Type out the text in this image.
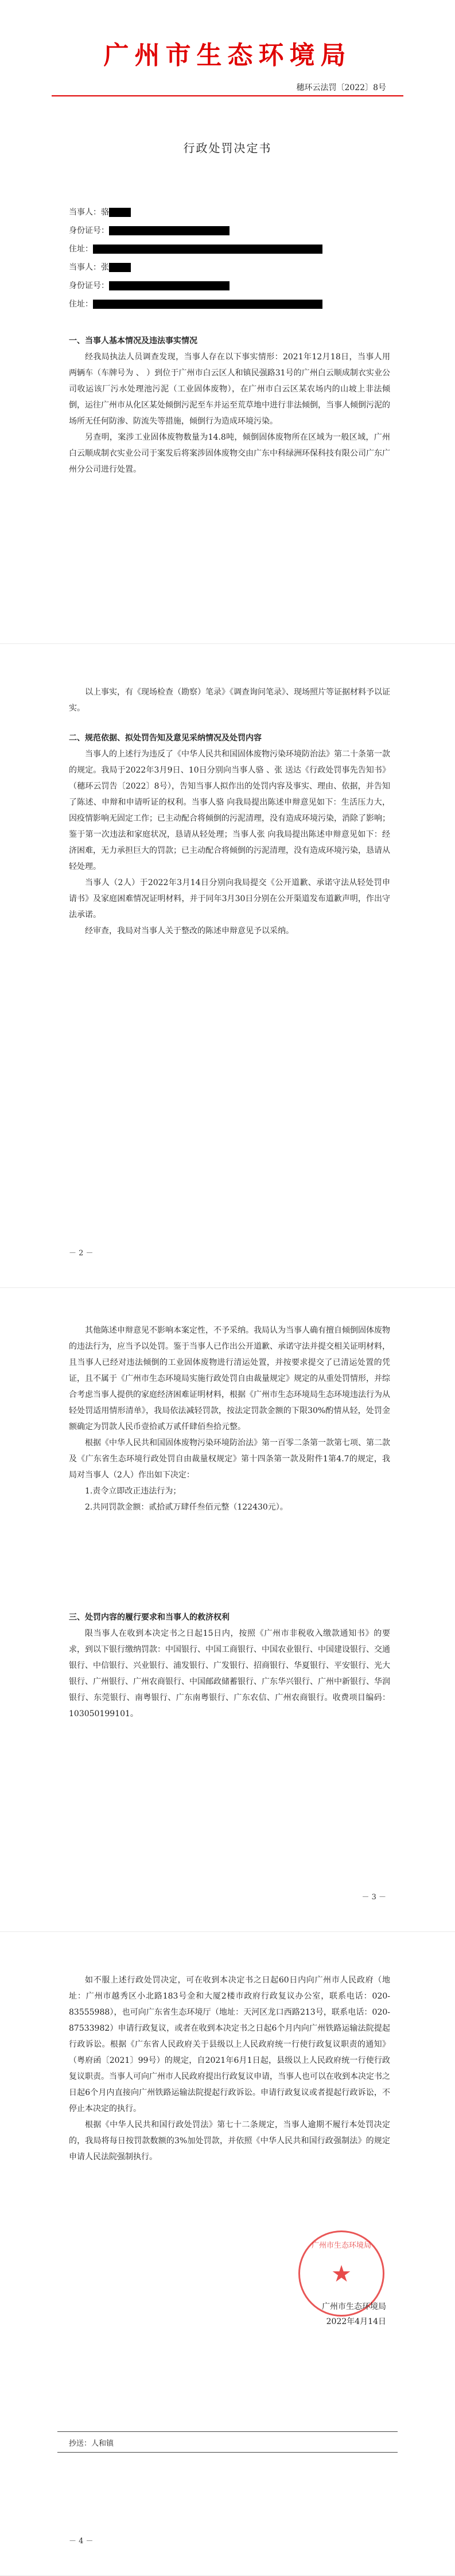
广州市生态环境局
穗环云法罚〔2022〕8号
行政处罚决定书
当事人：骆
身份证号：
住址：
当事人：张
身份证号：
住址：
一、当事人基本情况及违法事实情况

经我局执法人员调查发现，当事人存在以下事实情形：2021年12月18日，当事人用两辆车（车牌号为 、 ）到位于广州市白云区人和镇民强路31号的广州白云顺成制衣实业公司收运该厂污水处理池污泥（工业固体废物），在广州市白云区某农场内的山坡上非法倾倒，运往广州市从化区某处倾倒污泥至车并运至荒草地中进行非法倾倒，当事人倾倒污泥的场所无任何防渗、防流失等措施，倾倒行为造成环境污染。

另查明，案涉工业固体废物数量为14.8吨，倾倒固体废物所在区域为一般区域，广州白云顺成制衣实业公司于案发后将案涉固体废物交由广东中科绿洲环保科技有限公司广东广州分公司进行处置。

以上事实，有《现场检查（勘察）笔录》《调查询问笔录》、现场照片等证据材料予以证实。

二、规范依据、拟处罚告知及意见采纳情况及处罚内容

当事人的上述行为违反了《中华人民共和国固体废物污染环境防治法》第二十条第一款的规定。我局于2022年3月9日、10日分别向当事人骆 、张 送达《行政处罚事先告知书》（穗环云罚告〔2022〕8号），告知当事人拟作出的处罚内容及事实、理由、依据，并告知了陈述、申辩和申请听证的权利。当事人骆 向我局提出陈述申辩意见如下：生活压力大，因疫情影响无固定工作；已主动配合将倾倒的污泥清理，没有造成环境污染，消除了影响；鉴于第一次违法和家庭状况，恳请从轻处理；当事人张 向我局提出陈述申辩意见如下：经济困难，无力承担巨大的罚款；已主动配合将倾倒的污泥清理，没有造成环境污染，恳请从轻处理。

当事人（2人）于2022年3月14日分别向我局提交《公开道歉、承诺守法从轻处罚申请书》及家庭困难情况证明材料，并于同年3月30日分别在公开渠道发布道歉声明，作出守法承诺。

经审查，我局对当事人关于整改的陈述申辩意见予以采纳。

－ 2 －

其他陈述申辩意见不影响本案定性，不予采纳。我局认为当事人确有擅自倾倒固体废物的违法行为，应当予以处罚。鉴于当事人已作出公开道歉、承诺守法并提交相关证明材料，且当事人已经对违法倾倒的工业固体废物进行清运处置，并按要求提交了已清运处置的凭证，且不属于《广州市生态环境局实施行政处罚自由裁量规定》规定的从重处罚情形，并综合考虑当事人提供的家庭经济困难证明材料，根据《广州市生态环境局生态环境违法行为从轻处罚适用情形清单》，我局依法减轻罚款，按法定罚款金额的下限30%酌情从轻，处罚金额确定为罚款人民币壹拾贰万贰仟肆佰叁拾元整。

根据《中华人民共和国固体废物污染环境防治法》第一百零二条第一款第七项、第二款及《广东省生态环境行政处罚自由裁量权规定》第十四条第一款及附件1第4.7的规定，我局对当事人（2人）作出如下决定：

1.责令立即改正违法行为；

2.共同罚款金额：贰拾贰万肆仟叁佰元整（122430元）。

三、处罚内容的履行要求和当事人的救济权利

限当事人在收到本决定书之日起15日内，按照《广州市非税收入缴款通知书》的要求，到以下银行缴纳罚款：中国银行、中国工商银行、中国农业银行、中国建设银行、交通银行、中信银行、兴业银行、浦发银行、广发银行、招商银行、华夏银行、平安银行、光大银行、广州银行、广州农商银行、中国邮政储蓄银行、广东华兴银行、广州中新银行、华润银行、东莞银行、南粤银行、广东南粤银行、广东农信、广州农商银行。收费项目编码：103050199101。

－ 3 －

如不服上述行政处罚决定，可在收到本决定书之日起60日内向广州市人民政府（地址：广州市越秀区小北路183号金和大厦2楼市政府行政复议办公室，联系电话：020-83555988），也可向广东省生态环境厅（地址：天河区龙口西路213号，联系电话：020-87533982）申请行政复议，或者在收到本决定书之日起6个月内向广州铁路运输法院提起行政诉讼。根据《广东省人民政府关于县级以上人民政府统一行使行政复议职责的通知》（粤府函〔2021〕99号）的规定，自2021年6月1日起，县级以上人民政府统一行使行政复议职责。当事人可向广州市人民政府提出行政复议申请，当事人也可以在收到本决定书之日起6个月内直接向广州铁路运输法院提起行政诉讼。申请行政复议或者提起行政诉讼，不停止本决定的执行。

根据《中华人民共和国行政处罚法》第七十二条规定，当事人逾期不履行本处罚决定的，我局将每日按罚款数额的3%加处罚款，并依照《中华人民共和国行政强制法》的规定申请人民法院强制执行。

广州市生态环境局
★
广州市生态环境局
2022年4月14日
抄送：人和镇
－ 4 －
